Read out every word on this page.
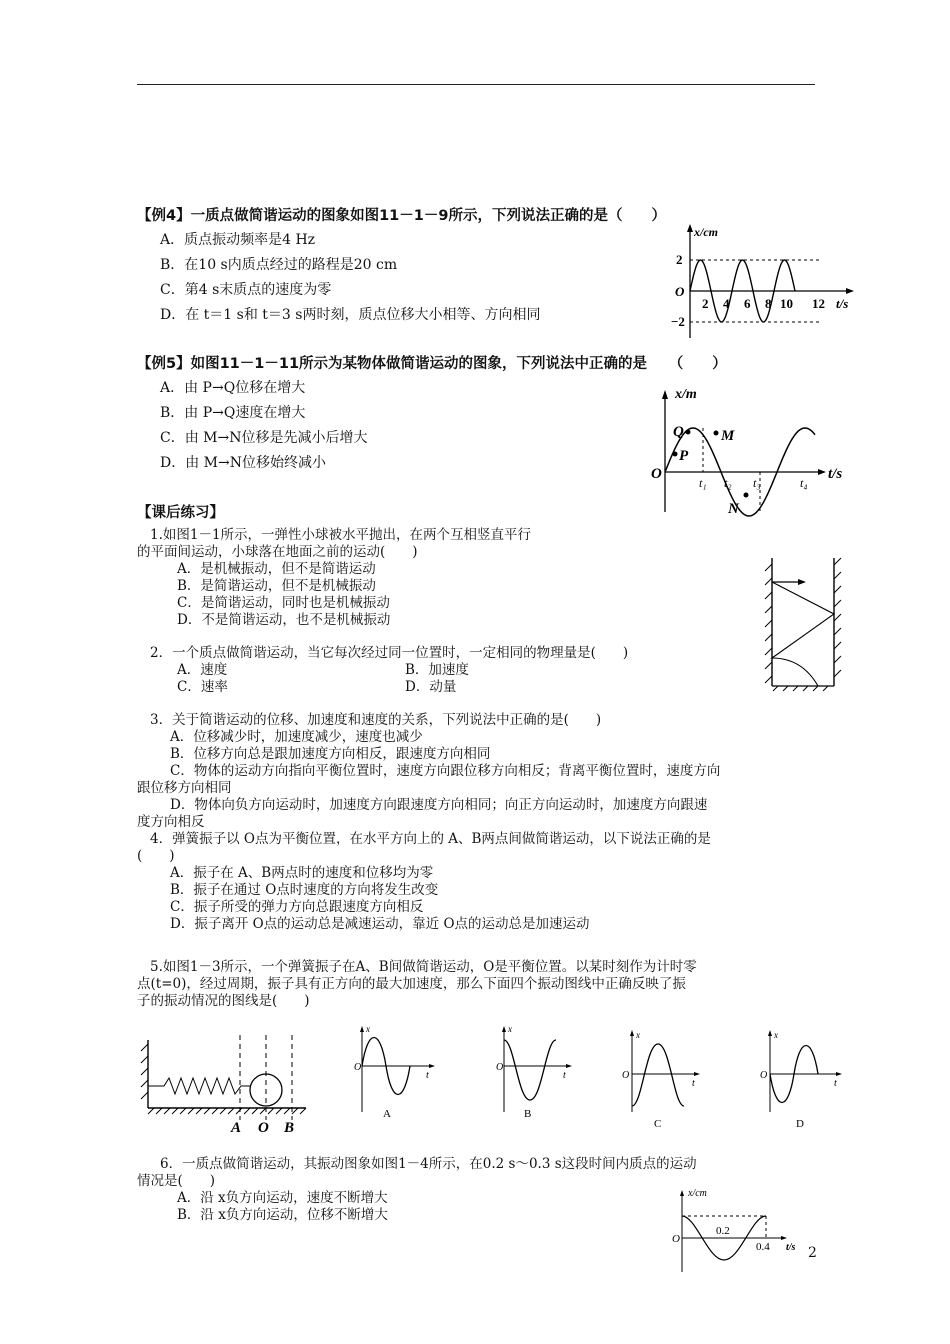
【例4】一质点做简谐运动的图象如图11－1－9所示，下列说法正确的是（　　）
A．质点振动频率是4 Hz
B．在10 s内质点经过的路程是20 cm
C．第4 s末质点的速度为零
D．在 t＝1 s和 t＝3 s两时刻，质点位移大小相等、方向相同
x/cm
2
−2
O
2 4 6 8 10 12 t/s
【例5】如图11－1－11所示为某物体做简谐运动的图象，下列说法中正确的是　　（　　）
A．由 P→Q位移在增大
B．由 P→Q速度在增大
C．由 M→N位移是先减小后增大
D．由 M→N位移始终减小
x/m
Q
P
M
N
O
t₁ t₂ t₃	t₄
t/s
【课后练习】
1.如图1－1所示，一弹性小球被水平抛出，在两个互相竖直平行
的平面间运动，小球落在地面之前的运动(　　)
A．是机械振动，但不是简谐运动
B．是简谐运动，但不是机械振动
C．是简谐运动，同时也是机械振动
D．不是简谐运动，也不是机械振动
2．一个质点做简谐运动，当它每次经过同一位置时，一定相同的物理量是(　　)
A．速度	B．加速度
C．速率	D．动量
3．关于简谐运动的位移、加速度和速度的关系，下列说法中正确的是(　　)
A．位移减少时，加速度减少，速度也减少
B．位移方向总是跟加速度方向相反，跟速度方向相同
C．物体的运动方向指向平衡位置时，速度方向跟位移方向相反；背离平衡位置时，速度方向
跟位移方向相同
D．物体向负方向运动时，加速度方向跟速度方向相同；向正方向运动时，加速度方向跟速
度方向相反
4．弹簧振子以 O点为平衡位置，在水平方向上的 A、B两点间做简谐运动，以下说法正确的是
(　　)
A．振子在 A、B两点时的速度和位移均为零
B．振子在通过 O点时速度的方向将发生改变
C．振子所受的弹力方向总跟速度方向相反
D．振子离开 O点的运动总是减速运动，靠近 O点的运动总是加速运动
5.如图1－3所示，一个弹簧振子在A、B间做简谐运动，O是平衡位置。以某时刻作为计时零
点(t=0)，经过周期，振子具有正方向的最大加速度，那么下面四个振动图线中正确反映了振
子的振动情况的图线是(　　)
A O B
x
O
t
A
x
O
t
B
x
O
t
C
x
O
t
D
6．一质点做简谐运动，其振动图象如图1－4所示，在0.2 s～0.3 s这段时间内质点的运动
情况是(　　)
A．沿 x负方向运动，速度不断增大
B．沿 x负方向运动，位移不断增大
x/cm
O
0.2
0.4 t/s 2
